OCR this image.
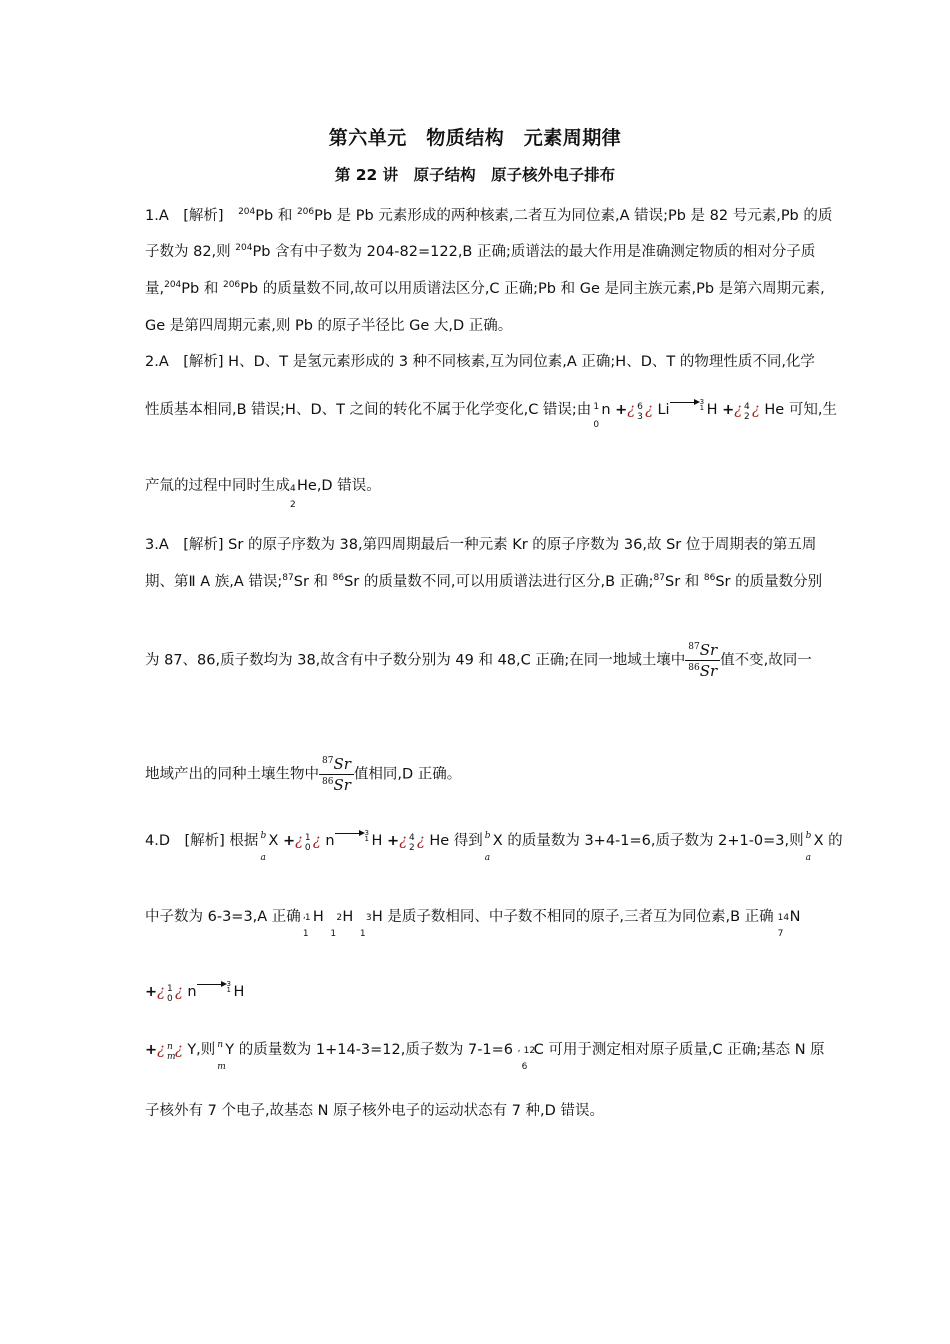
第六单元　物质结构　元素周期律
第 22 讲　原子结构　原子核外电子排布
1.A　[解析]　$^{204}$Pb 和 $^{206}$Pb 是 Pb 元素形成的两种核素,二者互为同位素,A 错误;Pb 是 82 号元素,Pb 的质
子数为 82,则 $^{204}$Pb 含有中子数为 204-82=122,B 正确;质谱法的最大作用是准确测定物质的相对分子质
量,$^{204}$Pb 和 $^{206}$Pb 的质量数不同,故可以用质谱法区分,C 正确;Pb 和 Ge 是同主族元素,Pb 是第六周期元素,
Ge 是第四周期元素,则 Pb 的原子半径比 Ge 大,D 正确。
2.A　[解析] H、D、T 是氢元素形成的 3 种不同核素,互为同位素,A 正确;H、D、T 的物理性质不同,化学
性质基本相同,B 错误;H、D、T 之间的转化不属于化学变化,C 错误;由 1
0
n +¿ 6
3 ¿ Li	3
1 H +¿ 4
2 ¿ He 可知,生
产氚的过程中同时生成 4
2
He,D 错误。
3.A　[解析] Sr 的原子序数为 38,第四周期最后一种元素 Kr 的原子序数为 36,故 Sr 位于周期表的第五周
期、第Ⅱ A 族,A 错误;$^{87}$Sr 和 $^{86}$Sr 的质量数不同,可以用质谱法进行区分,B 正确;$^{87}$Sr 和 $^{86}$Sr 的质量数分别
为 87、86,质子数均为 38,故含有中子数分别为 49 和 48,C 正确;在同一地域土壤中 $\frac{^{87}Sr}{^{86}Sr}$ 值不变,故同一
地域产出的同种土壤生物中 $\frac{^{87}Sr}{^{86}Sr}$ 值相同,D 正确。
4.D　[解析] 根据 b
a
X +¿ 1
0 ¿ n	3
1 H +¿ 4
2 ¿ He 得到 b
a
X 的质量数为 3+4-1=6,质子数为 2+1-0=3,则 b
a
X 的
中子数为 6-3=3,A 正确 , 1
1
H 2
1
H 3
1
H 是质子数相同、中子数不相同的原子,三者互为同位素,B 正确 14
7
N
+¿ 1
0 ¿ n	3
1 H
+¿ n
m ¿ Y,则 n
m
Y 的质量数为 1+14-3=12,质子数为 7-1=6 , 12
6
C 可用于测定相对原子质量,C 正确;基态 N 原
子核外有 7 个电子,故基态 N 原子核外电子的运动状态有 7 种,D 错误。
